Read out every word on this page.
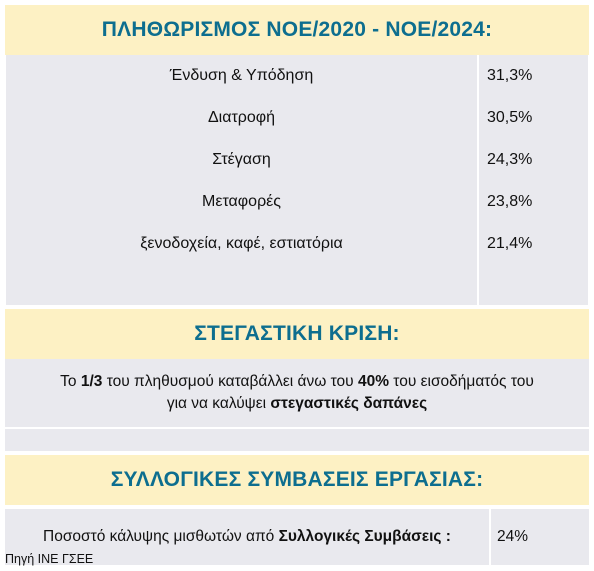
ΠΛΗΘΩΡΙΣΜΟΣ ΝΟΕ/2020 - ΝΟΕ/2024:
Ένδυση & Υπόδηση	31,3%
Διατροφή	30,5%
Στέγαση	24,3%
Μεταφορές	23,8%
ξενοδοχεία, καφέ, εστιατόρια	21,4%
ΣΤΕΓΑΣΤΙΚΗ ΚΡΙΣΗ:
Το 1/3 του πληθυσμού καταβάλλει άνω του 40% του εισοδήματός του
για να καλύψει στεγαστικές δαπάνες
ΣΥΛΛΟΓΙΚΕΣ ΣΥΜΒΑΣΕΙΣ ΕΡΓΑΣΙΑΣ:
Ποσοστό κάλυψης μισθωτών από
Συλλογικές Συμβάσεις :	24%
Πηγή ΙΝΕ ΓΣΕΕ
